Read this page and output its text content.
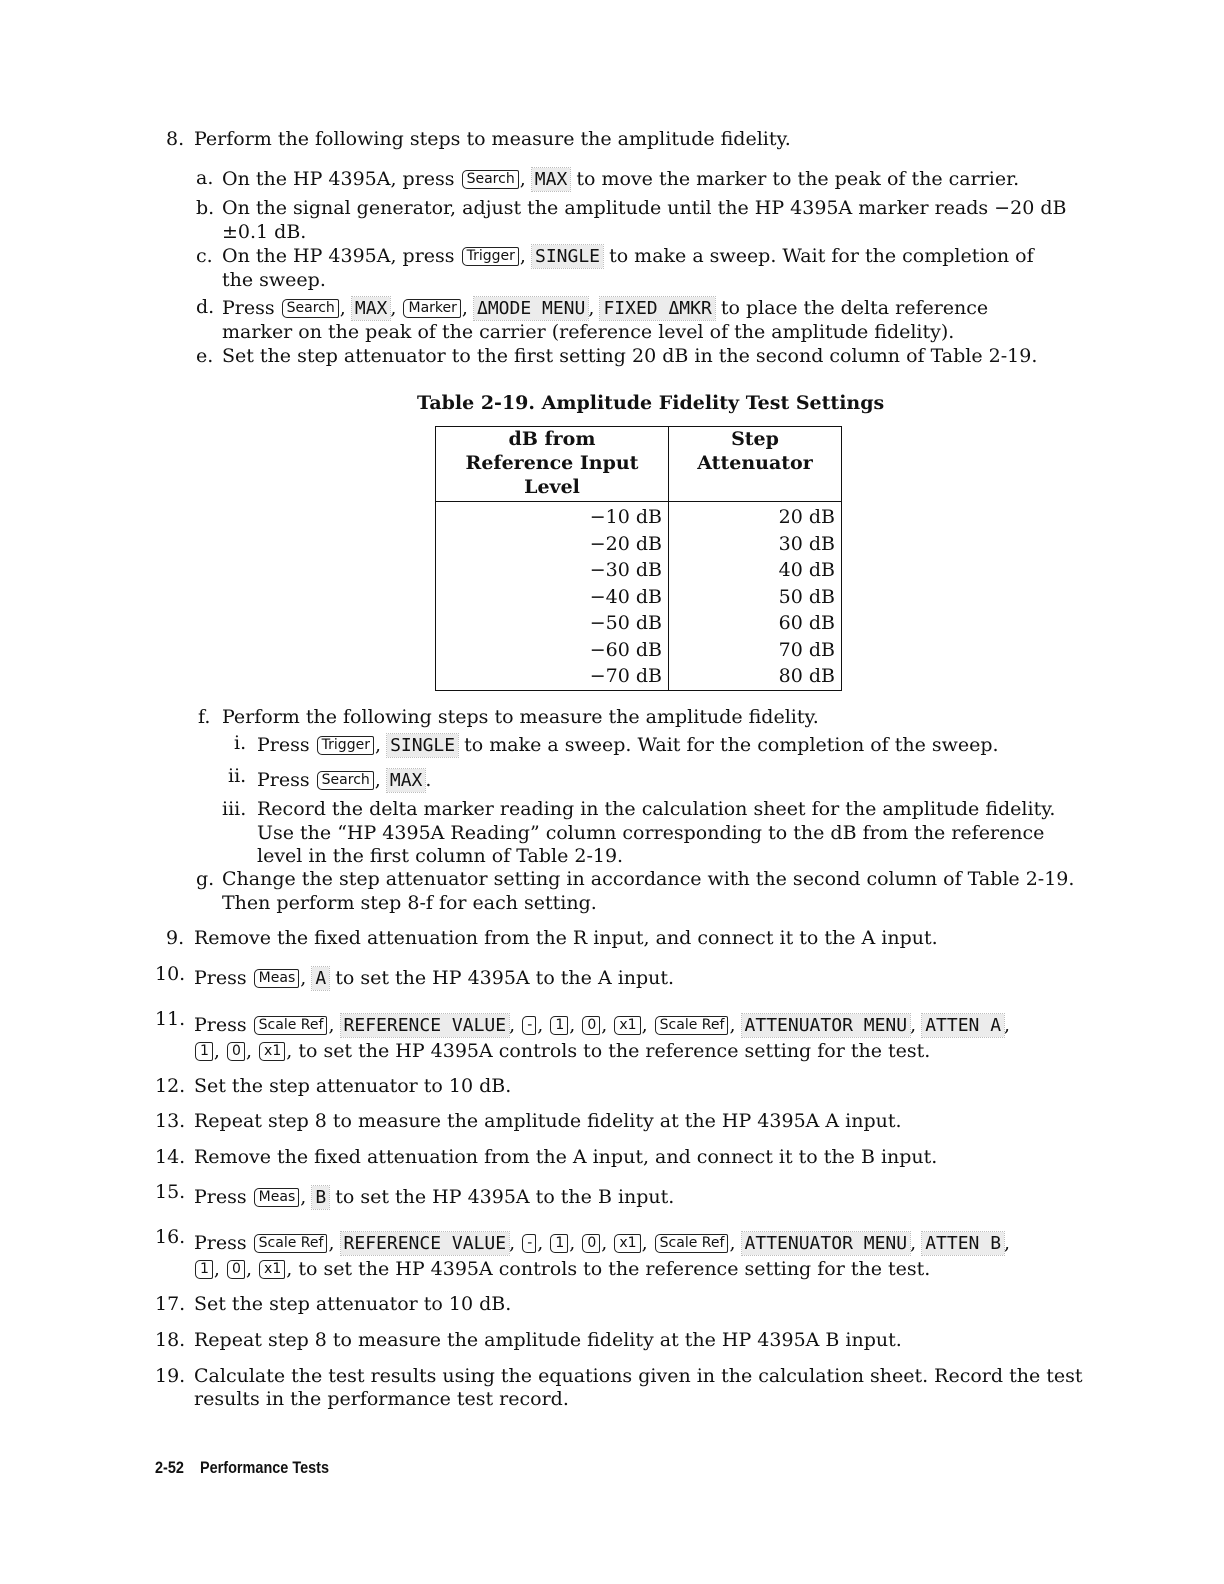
8. Perform the following steps to measure the amplitude fidelity.
a. On the HP 4395A, press Search , MAX to move the marker to the peak of the carrier.
b. On the signal generator, adjust the amplitude until the HP 4395A marker reads −20 dB
±0.1 dB.
c. On the HP 4395A, press Trigger , SINGLE to make a sweep. Wait for the completion of
the sweep.
d. Press Search , MAX , Marker , ΔMODE MENU , FIXED ΔMKR to place the delta reference
marker on the peak of the carrier (reference level of the amplitude fidelity).
e. Set the step attenuator to the first setting 20 dB in the second column of Table 2-19.
Table 2-19. Amplitude Fidelity Test Settings
dB from
Reference Input Level	Step Attenuator
−10 dB	20 dB
−20 dB	30 dB
−30 dB	40 dB
−40 dB	50 dB
−50 dB	60 dB
−60 dB	70 dB
−70 dB	80 dB
f. Perform the following steps to measure the amplitude fidelity.
i. Press Trigger , SINGLE to make a sweep. Wait for the completion of the sweep.
ii. Press Search , MAX .
iii. Record the delta marker reading in the calculation sheet for the amplitude fidelity.
Use the “HP 4395A Reading” column corresponding to the dB from the reference
level in the first column of Table 2-19.
g. Change the step attenuator setting in accordance with the second column of Table 2-19.
Then perform step 8-f for each setting.
9. Remove the fixed attenuation from the R input, and connect it to the A input.
10. Press Meas , A to set the HP 4395A to the A input.
11. Press Scale Ref , REFERENCE VALUE , - , 1 , 0 , x1 , Scale Ref , ATTENUATOR MENU , ATTEN A ,
1 , 0 , x1 , to set the HP 4395A controls to the reference setting for the test.
12. Set the step attenuator to 10 dB.
13. Repeat step 8 to measure the amplitude fidelity at the HP 4395A A input.
14. Remove the fixed attenuation from the A input, and connect it to the B input.
15. Press Meas , B to set the HP 4395A to the B input.
16. Press Scale Ref , REFERENCE VALUE , - , 1 , 0 , x1 , Scale Ref , ATTENUATOR MENU , ATTEN B ,
1 , 0 , x1 , to set the HP 4395A controls to the reference setting for the test.
17. Set the step attenuator to 10 dB.
18. Repeat step 8 to measure the amplitude fidelity at the HP 4395A B input.
19. Calculate the test results using the equations given in the calculation sheet. Record the test
results in the performance test record.
2-52 Performance Tests
